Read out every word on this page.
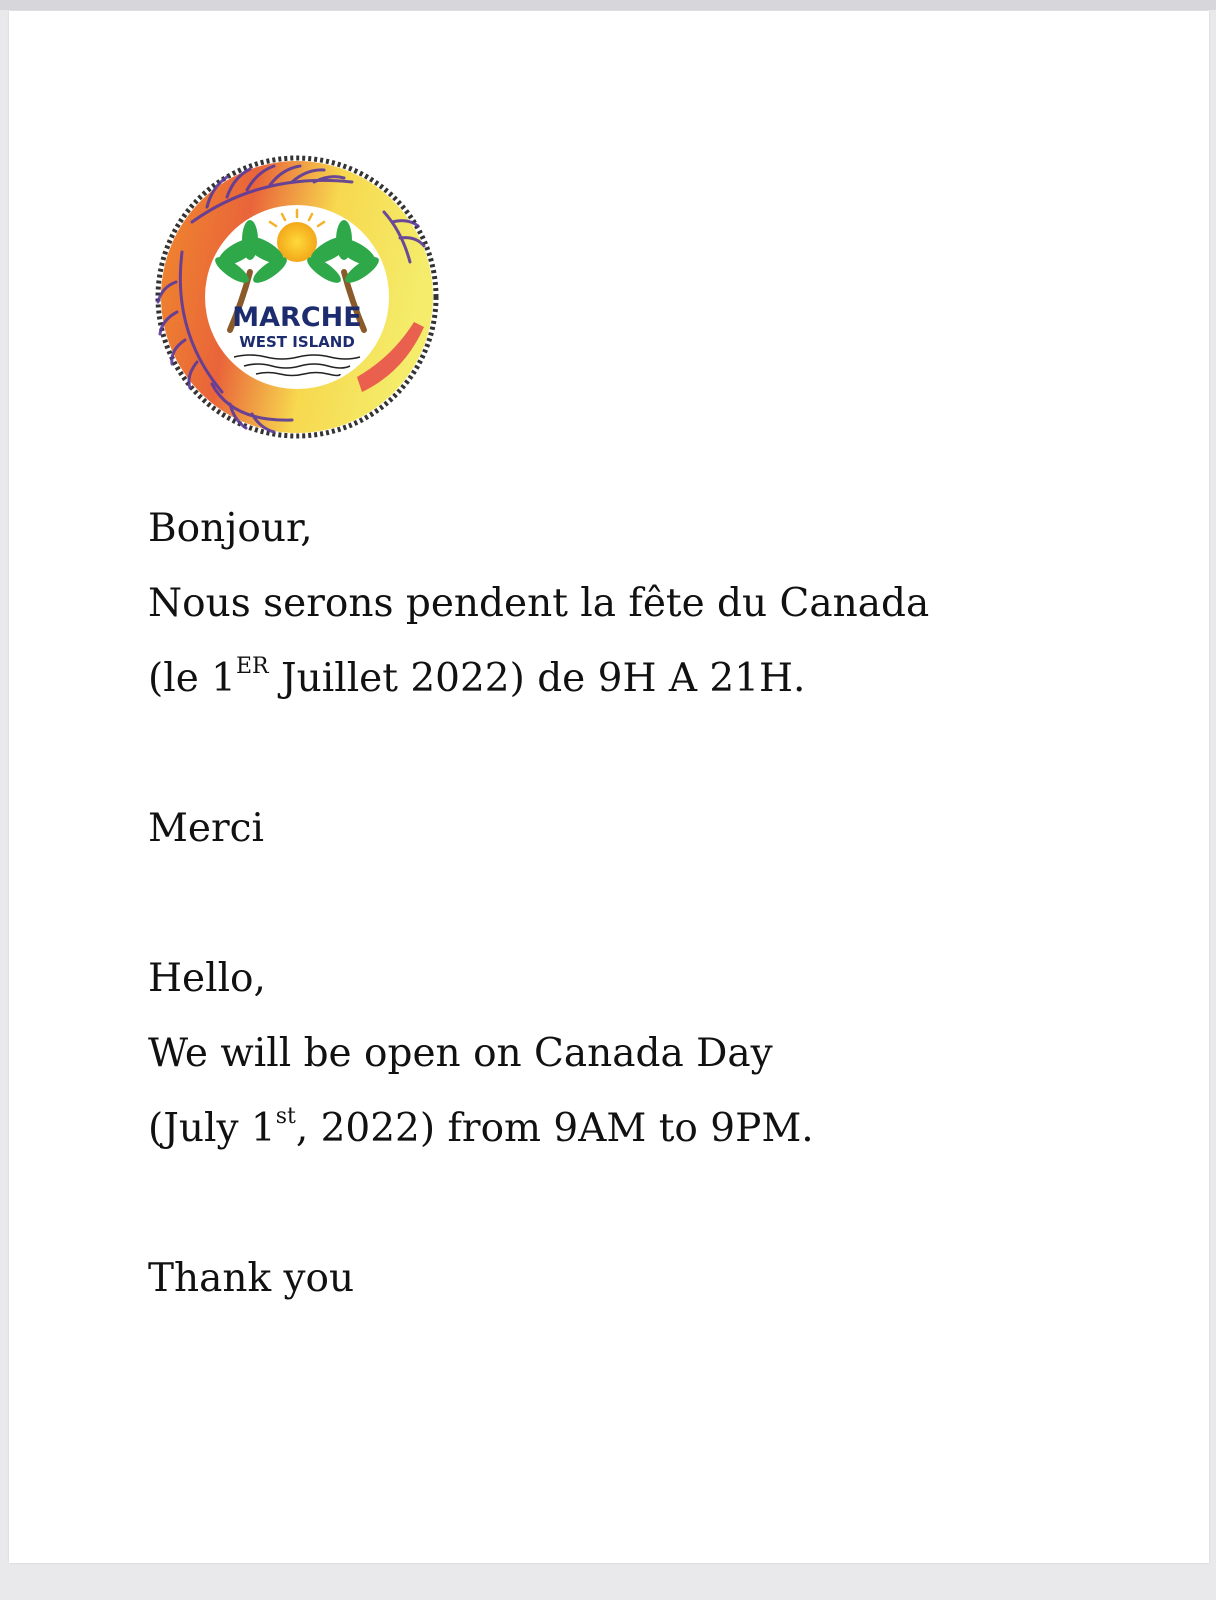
MARCHE
WEST ISLAND
Bonjour,
Nous serons pendent la fête du Canada
(le 1ER Juillet 2022) de 9H A 21H.
Merci
Hello,
We will be open on Canada Day
(July 1st, 2022) from 9AM to 9PM.
Thank you
